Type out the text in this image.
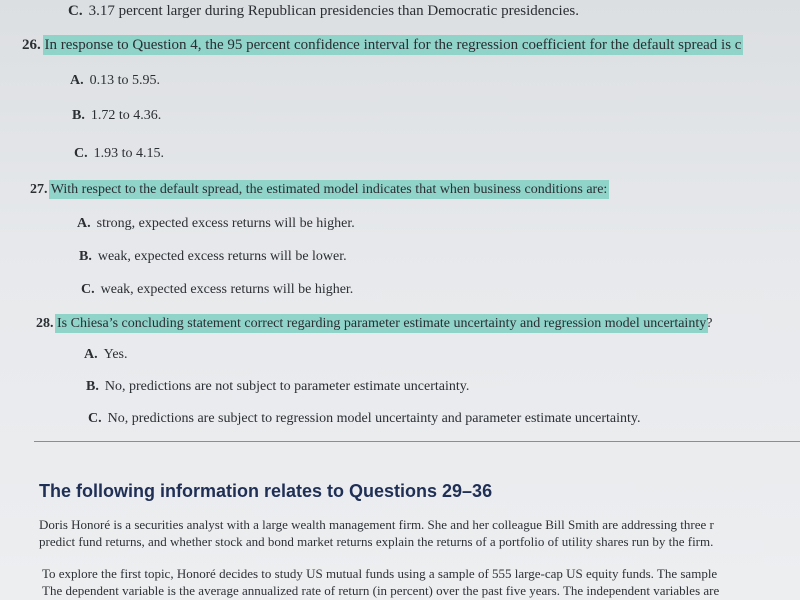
C. 3.17 percent larger during Republican presidencies than Democratic presidencies.
26. In response to Question 4, the 95 percent confidence interval for the regression coefficient for the default spread is c
A. 0.13 to 5.95.
B. 1.72 to 4.36.
C. 1.93 to 4.15.
27. With respect to the default spread, the estimated model indicates that when business conditions are:
A. strong, expected excess returns will be higher.
B. weak, expected excess returns will be lower.
C. weak, expected excess returns will be higher.
28. Is Chiesa’s concluding statement correct regarding parameter estimate uncertainty and regression model uncertainty?
A. Yes.
B. No, predictions are not subject to parameter estimate uncertainty.
C. No, predictions are subject to regression model uncertainty and parameter estimate uncertainty.
The following information relates to Questions 29–36
Doris Honoré is a securities analyst with a large wealth management firm. She and her colleague Bill Smith are addressing three r
predict fund returns, and whether stock and bond market returns explain the returns of a portfolio of utility shares run by the firm.
To explore the first topic, Honoré decides to study US mutual funds using a sample of 555 large-cap US equity funds. The sample
The dependent variable is the average annualized rate of return (in percent) over the past five years. The independent variables are
